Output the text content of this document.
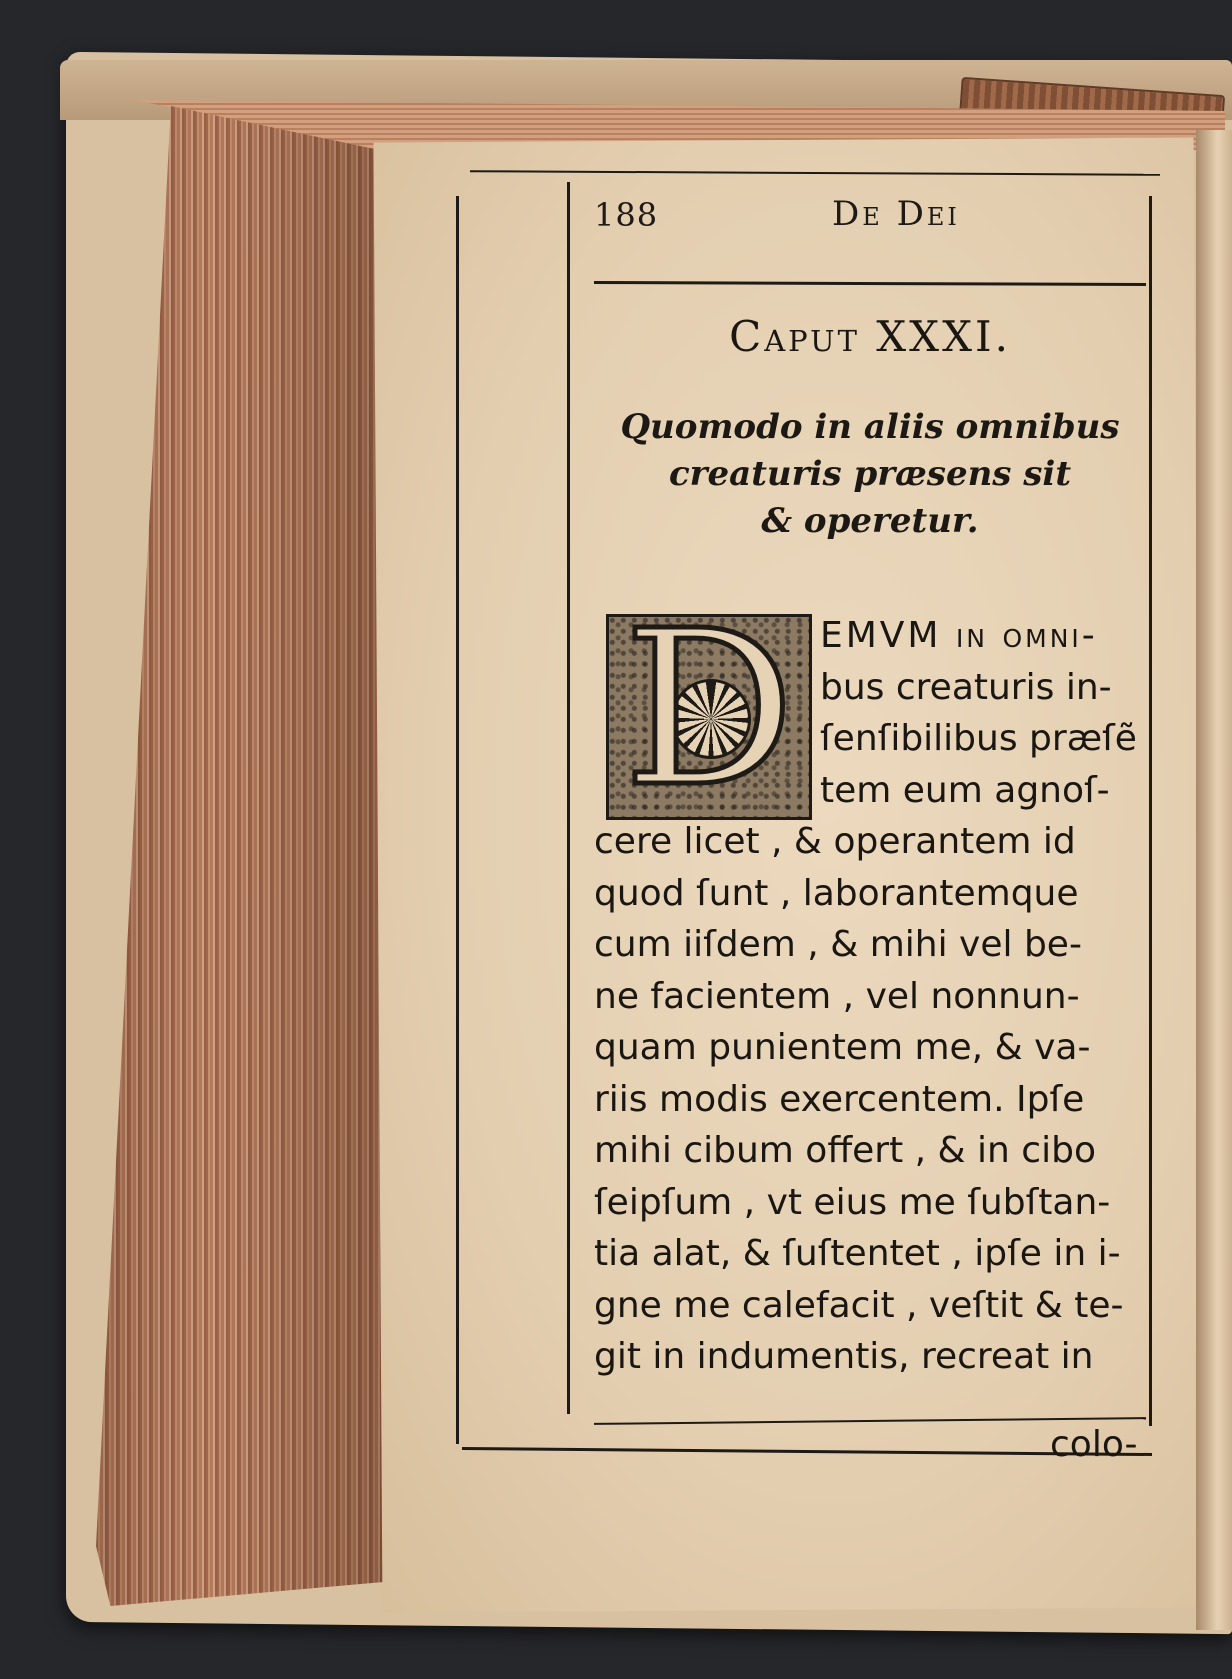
188	De Dei
Caput XXXI.
Quomodo in aliis omnibus
creaturis præsens sit
& operetur.
D EMVM in omni-
bus creaturis in-
ſenſibilibus præſẽ
tem eum agnoſ-
cere licet , & operantem id
quod ſunt , laborantemque
cum iiſdem , & mihi vel be-
ne facientem , vel nonnun-
quam punientem me, & va-
riis modis exercentem. Ipſe
mihi cibum offert , & in cibo
ſeipſum , vt eius me ſubſtan-
tia alat, & ſuſtentet , ipſe in i-
gne me calefacit , veſtit & te-
git in indumentis, recreat in
colo-
